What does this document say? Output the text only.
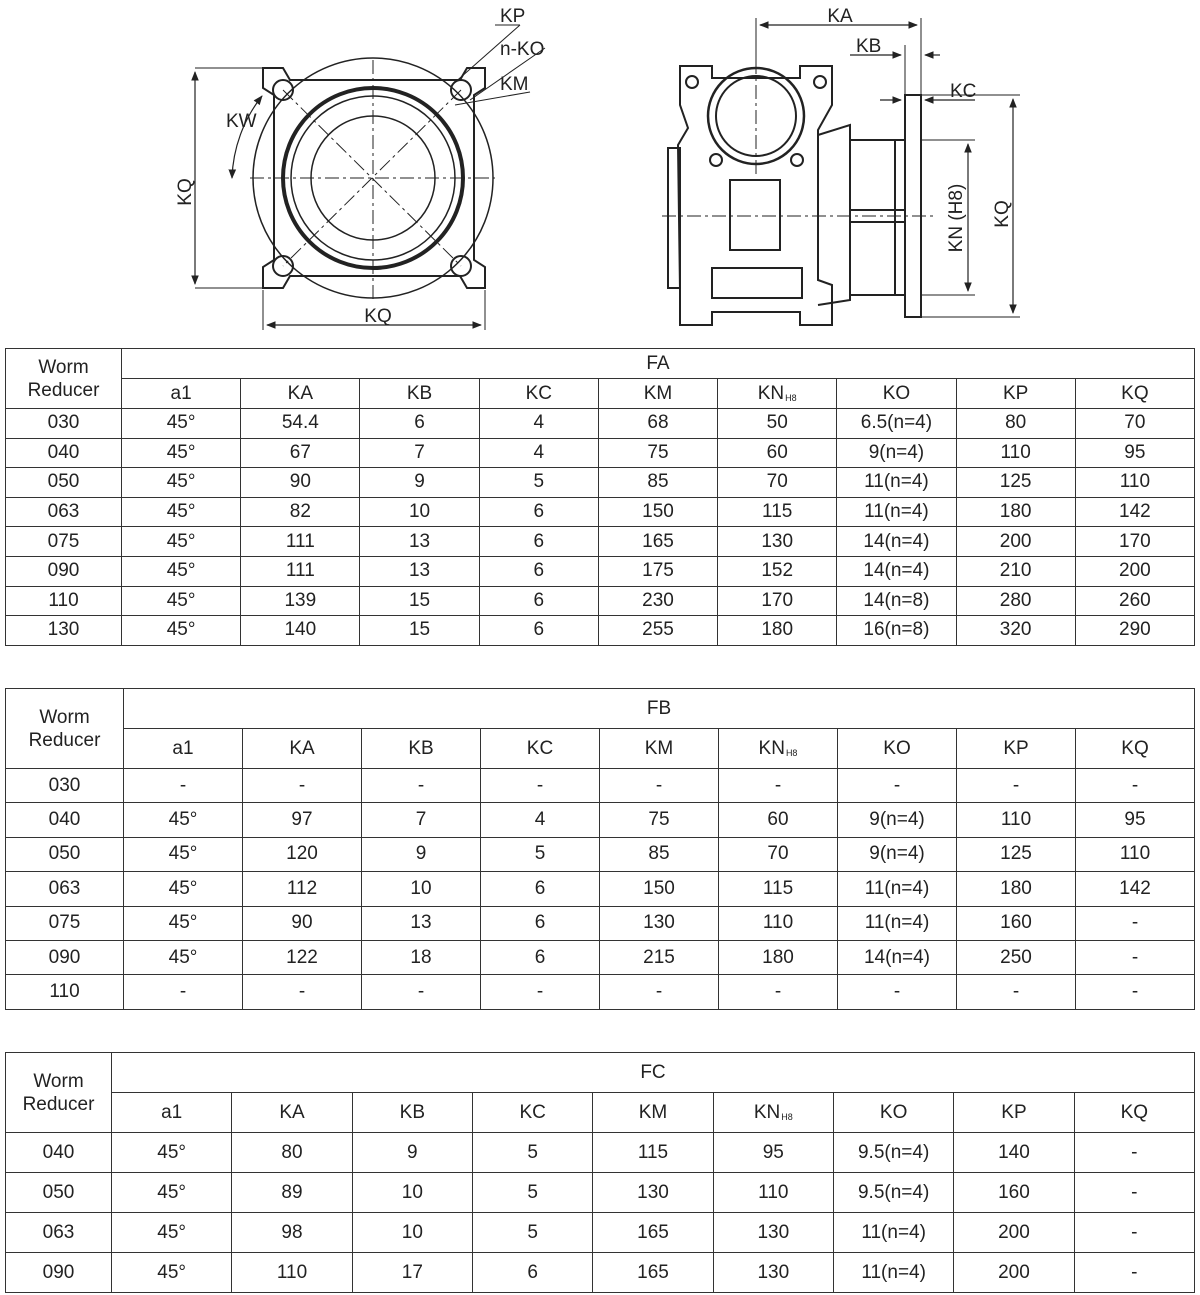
KP
n-KO
KM
KW
KQ
KQ
KA
KB
KC
KN (H8) KQ
Worm Reducer	FA								
	a1	KA	KB	KC	KM	$KN_{H8}$	KO	KP	KQ
030	45°	54.4	6	4	68	50	6.5(n=4)	80	70
040	45°	67	7	4	75	60	9(n=4)	110	95
050	45°	90	9	5	85	70	11(n=4)	125	110
063	45°	82	10	6	150	115	11(n=4)	180	142
075	45°	111	13	6	165	130	14(n=4)	200	170
090	45°	111	13	6	175	152	14(n=4)	210	200
110	45°	139	15	6	230	170	14(n=8)	280	260
130	45°	140	15	6	255	180	16(n=8)	320	290
Worm Reducer	FB								
	a1	KA	KB	KC	KM	$KN_{H8}$	KO	KP	KQ
030	-	-	-	-	-	-	-	-	-
040	45°	97	7	4	75	60	9(n=4)	110	95
050	45°	120	9	5	85	70	9(n=4)	125	110
063	45°	112	10	6	150	115	11(n=4)	180	142
075	45°	90	13	6	130	110	11(n=4)	160	-
090	45°	122	18	6	215	180	14(n=4)	250	-
110	-	-	-	-	-	-	-	-	-
Worm Reducer	FC								
	a1	KA	KB	KC	KM	$KN_{H8}$	KO	KP	KQ
040	45°	80	9	5	115	95	9.5(n=4)	140	-
050	45°	89	10	5	130	110	9.5(n=4)	160	-
063	45°	98	10	5	165	130	11(n=4)	200	-
090	45°	110	17	6	165	130	11(n=4)	200	-
